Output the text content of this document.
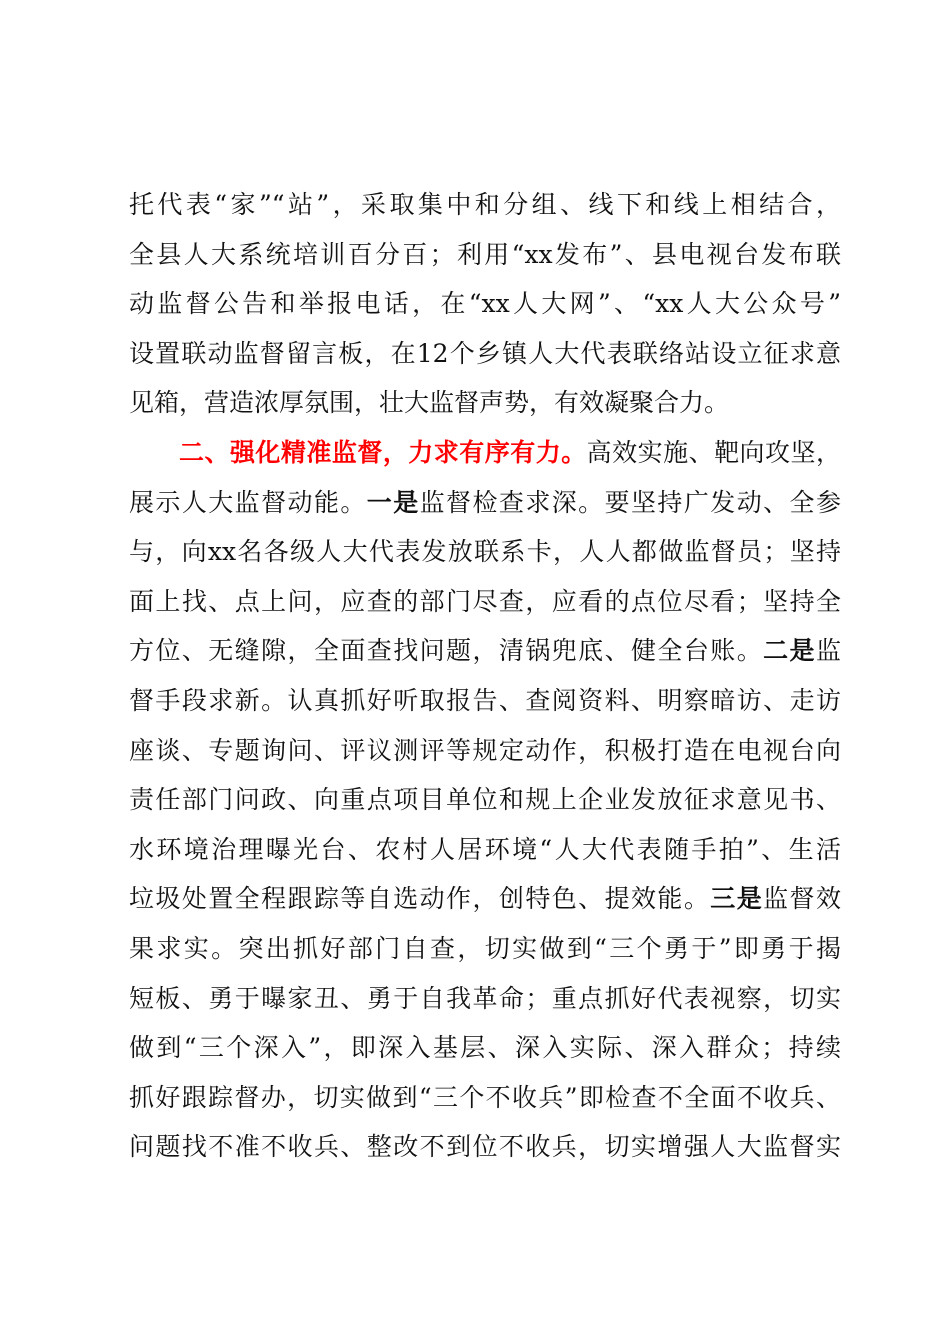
托代表“家”“站”，采取集中和分组、线下和线上相结合，
全县人大系统培训百分百；利用“xx发布”、县电视台发布联
动监督公告和举报电话，在“xx人大网”、“xx人大公众号”
设置联动监督留言板，在12个乡镇人大代表联络站设立征求意
见箱，营造浓厚氛围，壮大监督声势，有效凝聚合力。
二、强化精准监督，力求有序有力。高效实施、靶向攻坚，
展示人大监督动能。一是监督检查求深。要坚持广发动、全参
与，向xx名各级人大代表发放联系卡，人人都做监督员；坚持
面上找、点上问，应查的部门尽查，应看的点位尽看；坚持全
方位、无缝隙，全面查找问题，清锅兜底、健全台账。二是监
督手段求新。认真抓好听取报告、查阅资料、明察暗访、走访
座谈、专题询问、评议测评等规定动作，积极打造在电视台向
责任部门问政、向重点项目单位和规上企业发放征求意见书、
水环境治理曝光台、农村人居环境“人大代表随手拍”、生活
垃圾处置全程跟踪等自选动作，创特色、提效能。三是监督效
果求实。突出抓好部门自查，切实做到“三个勇于”即勇于揭
短板、勇于曝家丑、勇于自我革命；重点抓好代表视察，切实
做到“三个深入”，即深入基层、深入实际、深入群众；持续
抓好跟踪督办，切实做到“三个不收兵”即检查不全面不收兵、
问题找不准不收兵、整改不到位不收兵，切实增强人大监督实
